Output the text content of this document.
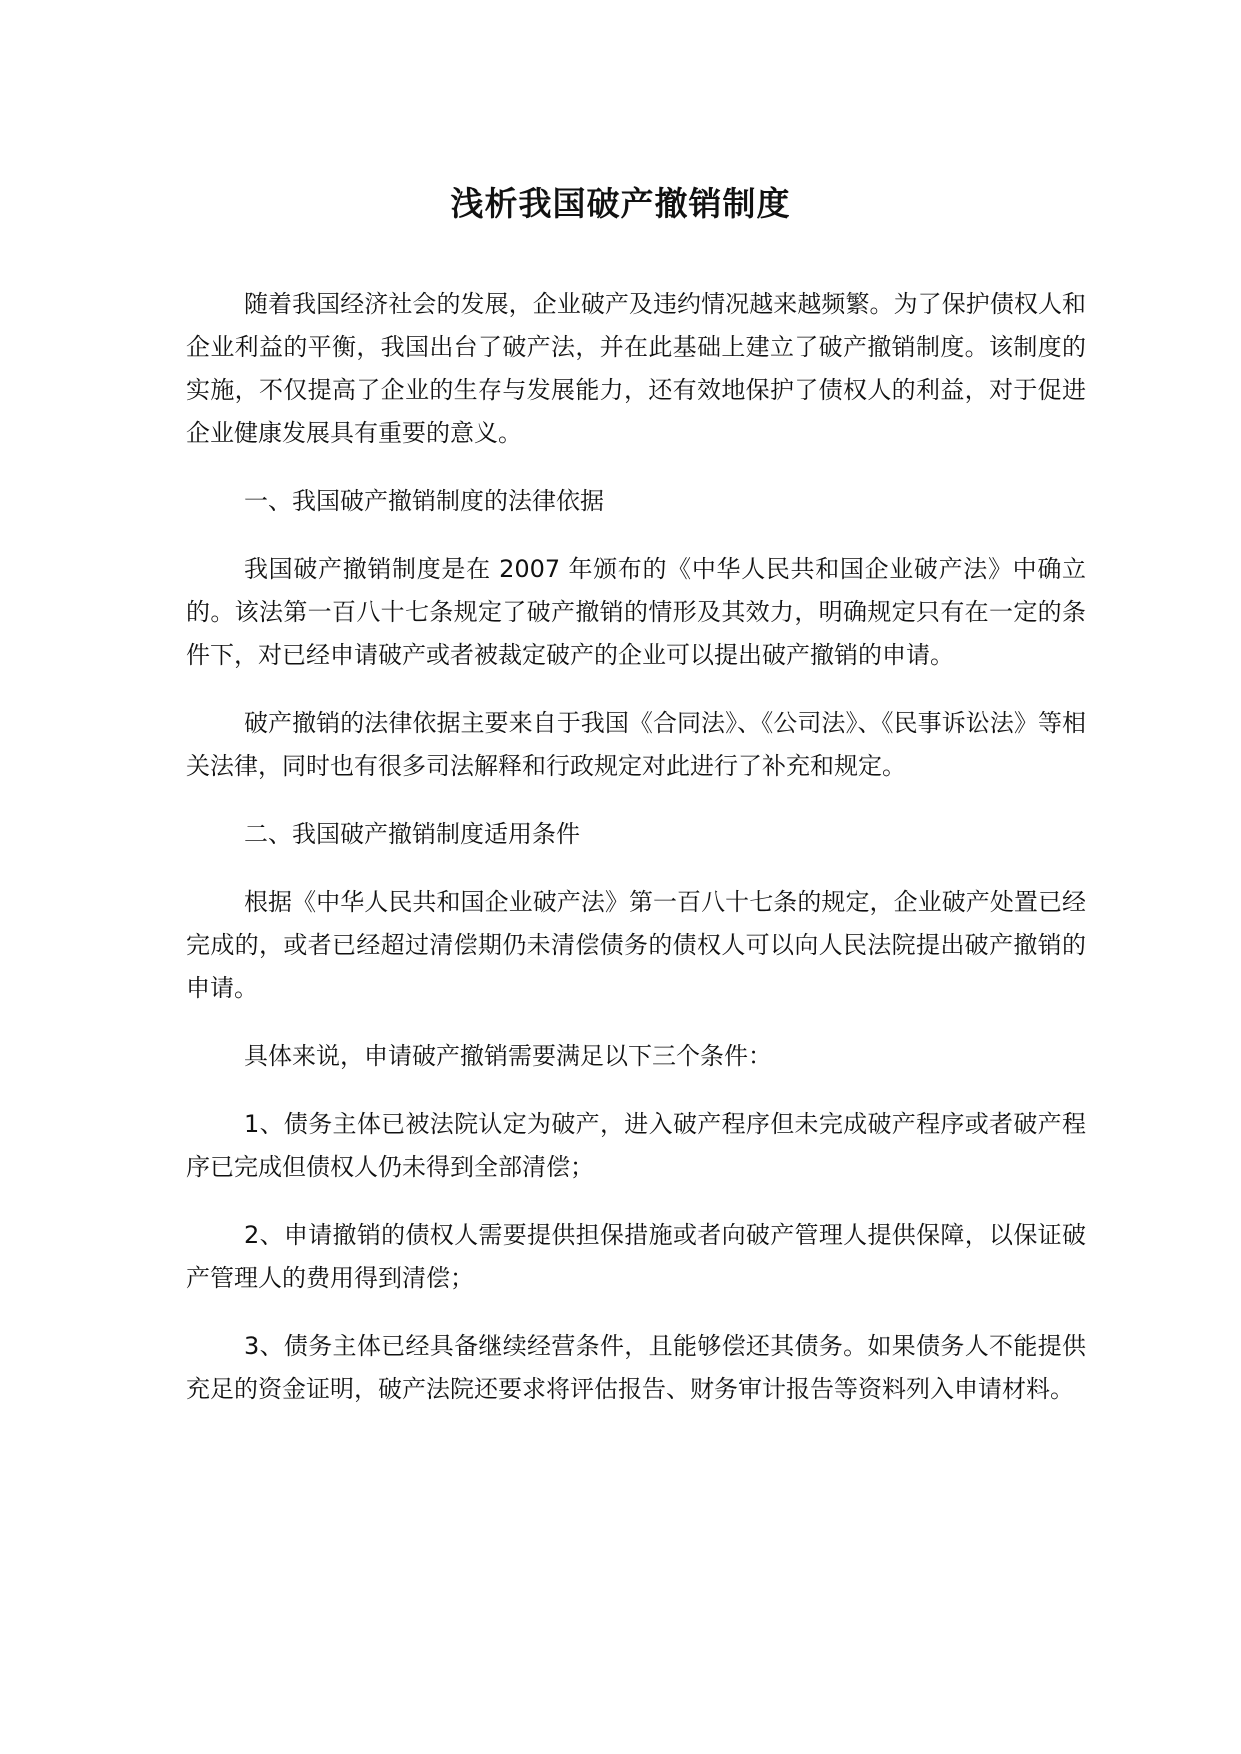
浅析我国破产撤销制度

随着我国经济社会的发展，企业破产及违约情况越来越频繁。为了保护债权人和企业利益的平衡，我国出台了破产法，并在此基础上建立了破产撤销制度。该制度的实施，不仅提高了企业的生存与发展能力，还有效地保护了债权人的利益，对于促进企业健康发展具有重要的意义。

一、我国破产撤销制度的法律依据

我国破产撤销制度是在 2007 年颁布的《中华人民共和国企业破产法》中确立的。该法第一百八十七条规定了破产撤销的情形及其效力，明确规定只有在一定的条件下，对已经申请破产或者被裁定破产的企业可以提出破产撤销的申请。

破产撤销的法律依据主要来自于我国《合同法》、《公司法》、《民事诉讼法》等相关法律，同时也有很多司法解释和行政规定对此进行了补充和规定。

二、我国破产撤销制度适用条件

根据《中华人民共和国企业破产法》第一百八十七条的规定，企业破产处置已经完成的，或者已经超过清偿期仍未清偿债务的债权人可以向人民法院提出破产撤销的申请。

具体来说，申请破产撤销需要满足以下三个条件：

1、债务主体已被法院认定为破产，进入破产程序但未完成破产程序或者破产程序已完成但债权人仍未得到全部清偿；

2、申请撤销的债权人需要提供担保措施或者向破产管理人提供保障，以保证破产管理人的费用得到清偿；

3、债务主体已经具备继续经营条件，且能够偿还其债务。如果债务人不能提供充足的资金证明，破产法院还要求将评估报告、财务审计报告等资料列入申请材料。
